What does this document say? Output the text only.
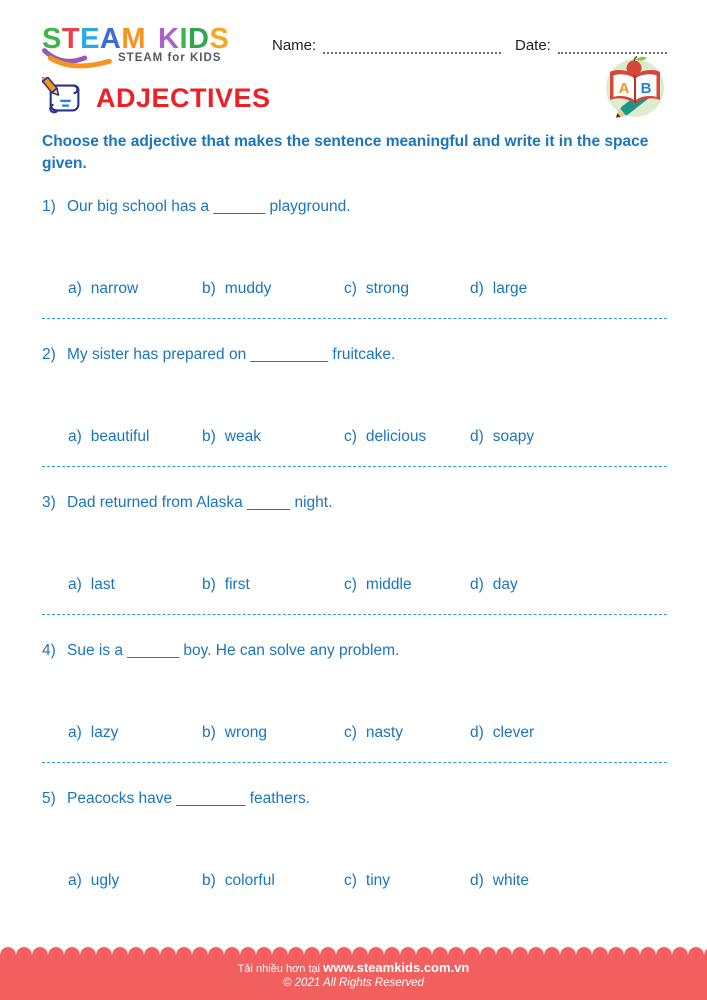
STEAM KIDS
STEAM for KIDS
Name:	Date:
ADJECTIVES

Choose the adjective that makes the sentence meaningful and write it in the space given.

1) Our big school has a ______ playground.
a) narrow	b) muddy	c) strong	d) large
2) My sister has prepared on _________ fruitcake.
a) beautiful	b) weak	c) delicious	d) soapy
3) Dad returned from Alaska _____ night.
a) last	b) first	c) middle	d) day
4) Sue is a ______ boy. He can solve any problem.
a) lazy	b) wrong	c) nasty	d) clever
5) Peacocks have ________ feathers.
a) ugly	b) colorful	c) tiny	d) white
A B
Tải nhiều hơn tại www.steamkids.com.vn
© 2021 All Rights Reserved
